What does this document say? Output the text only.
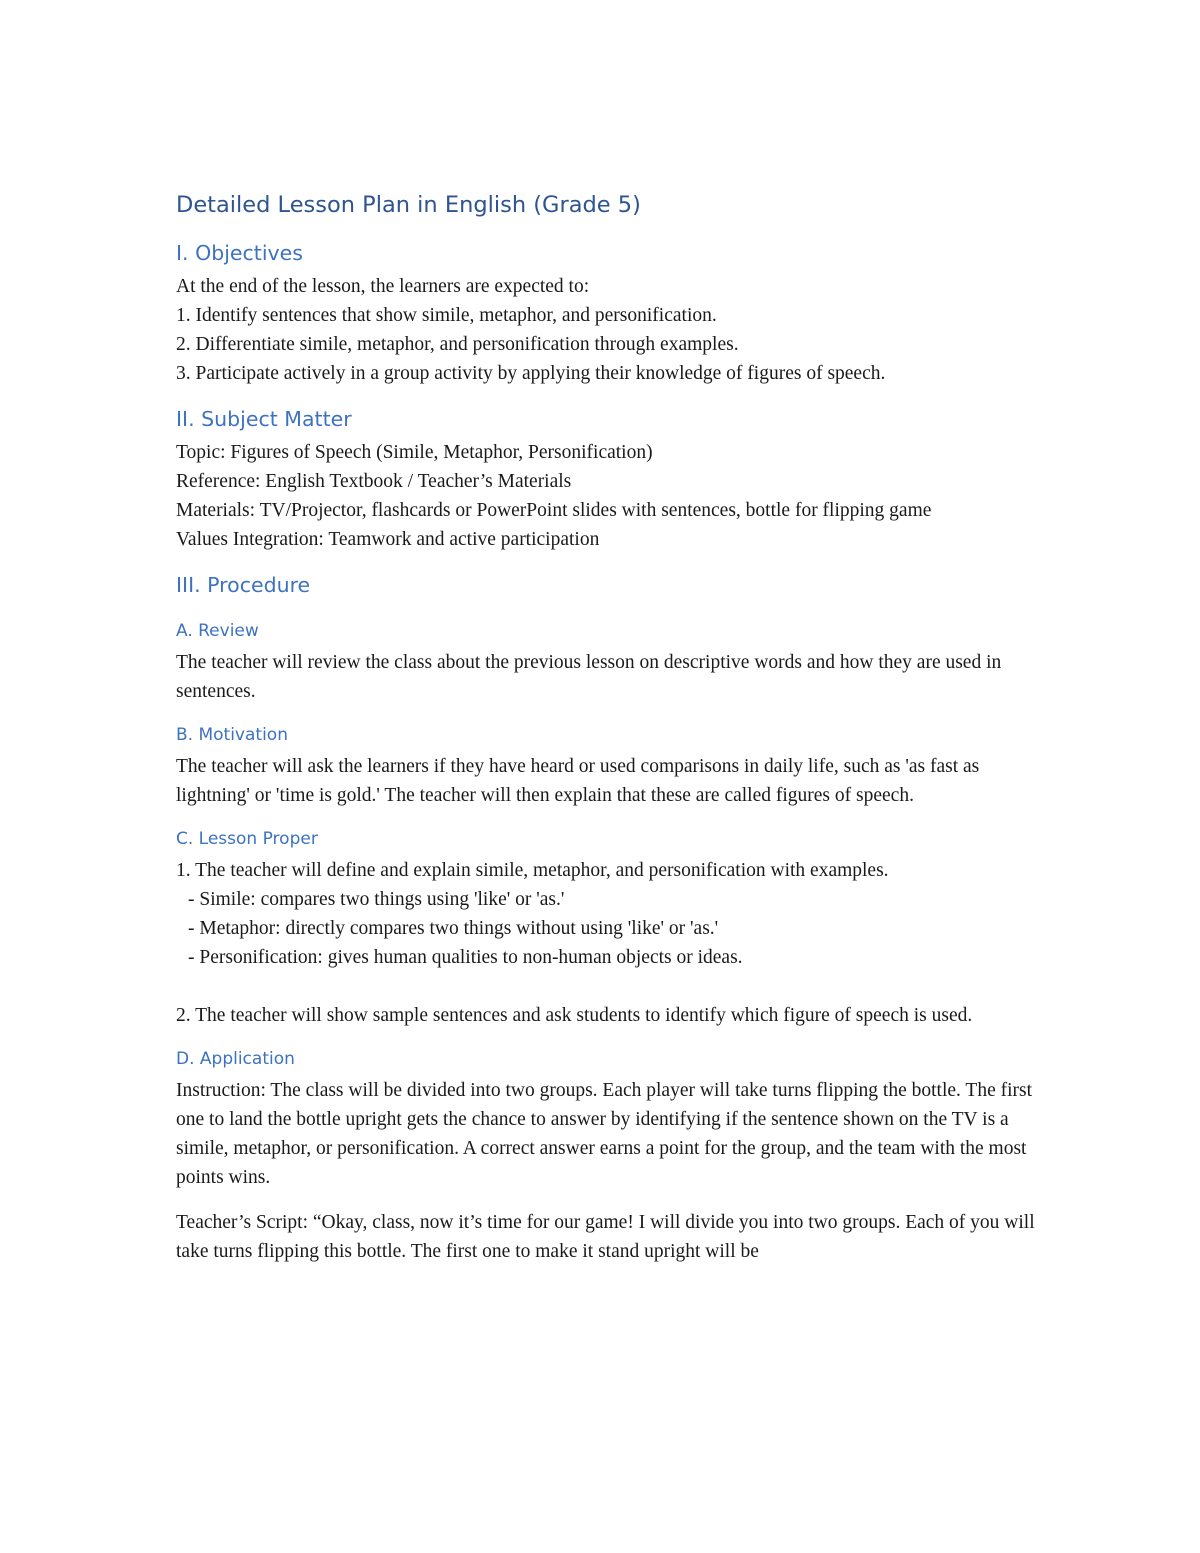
Detailed Lesson Plan in English (Grade 5)
I. Objectives

At the end of the lesson, the learners are expected to:

1. Identify sentences that show simile, metaphor, and personification.

2. Differentiate simile, metaphor, and personification through examples.

3. Participate actively in a group activity by applying their knowledge of figures of speech.

II. Subject Matter

Topic: Figures of Speech (Simile, Metaphor, Personification)

Reference: English Textbook / Teacher’s Materials

Materials: TV/Projector, flashcards or PowerPoint slides with sentences, bottle for flipping game

Values Integration: Teamwork and active participation

III. Procedure
A. Review

The teacher will review the class about the previous lesson on descriptive words and how they are used in sentences.

B. Motivation

The teacher will ask the learners if they have heard or used comparisons in daily life, such as 'as fast as lightning' or 'time is gold.' The teacher will then explain that these are called figures of speech.

C. Lesson Proper

1. The teacher will define and explain simile, metaphor, and personification with examples.

- Simile: compares two things using 'like' or 'as.'

- Metaphor: directly compares two things without using 'like' or 'as.'

- Personification: gives human qualities to non-human objects or ideas.

2. The teacher will show sample sentences and ask students to identify which figure of speech is used.

D. Application

Instruction: The class will be divided into two groups. Each player will take turns flipping the bottle. The first one to land the bottle upright gets the chance to answer by identifying if the sentence shown on the TV is a simile, metaphor, or personification. A correct answer earns a point for the group, and the team with the most points wins.

Teacher’s Script: “Okay, class, now it’s time for our game! I will divide you into two groups. Each of you will take turns flipping this bottle. The first one to make it stand upright will be
